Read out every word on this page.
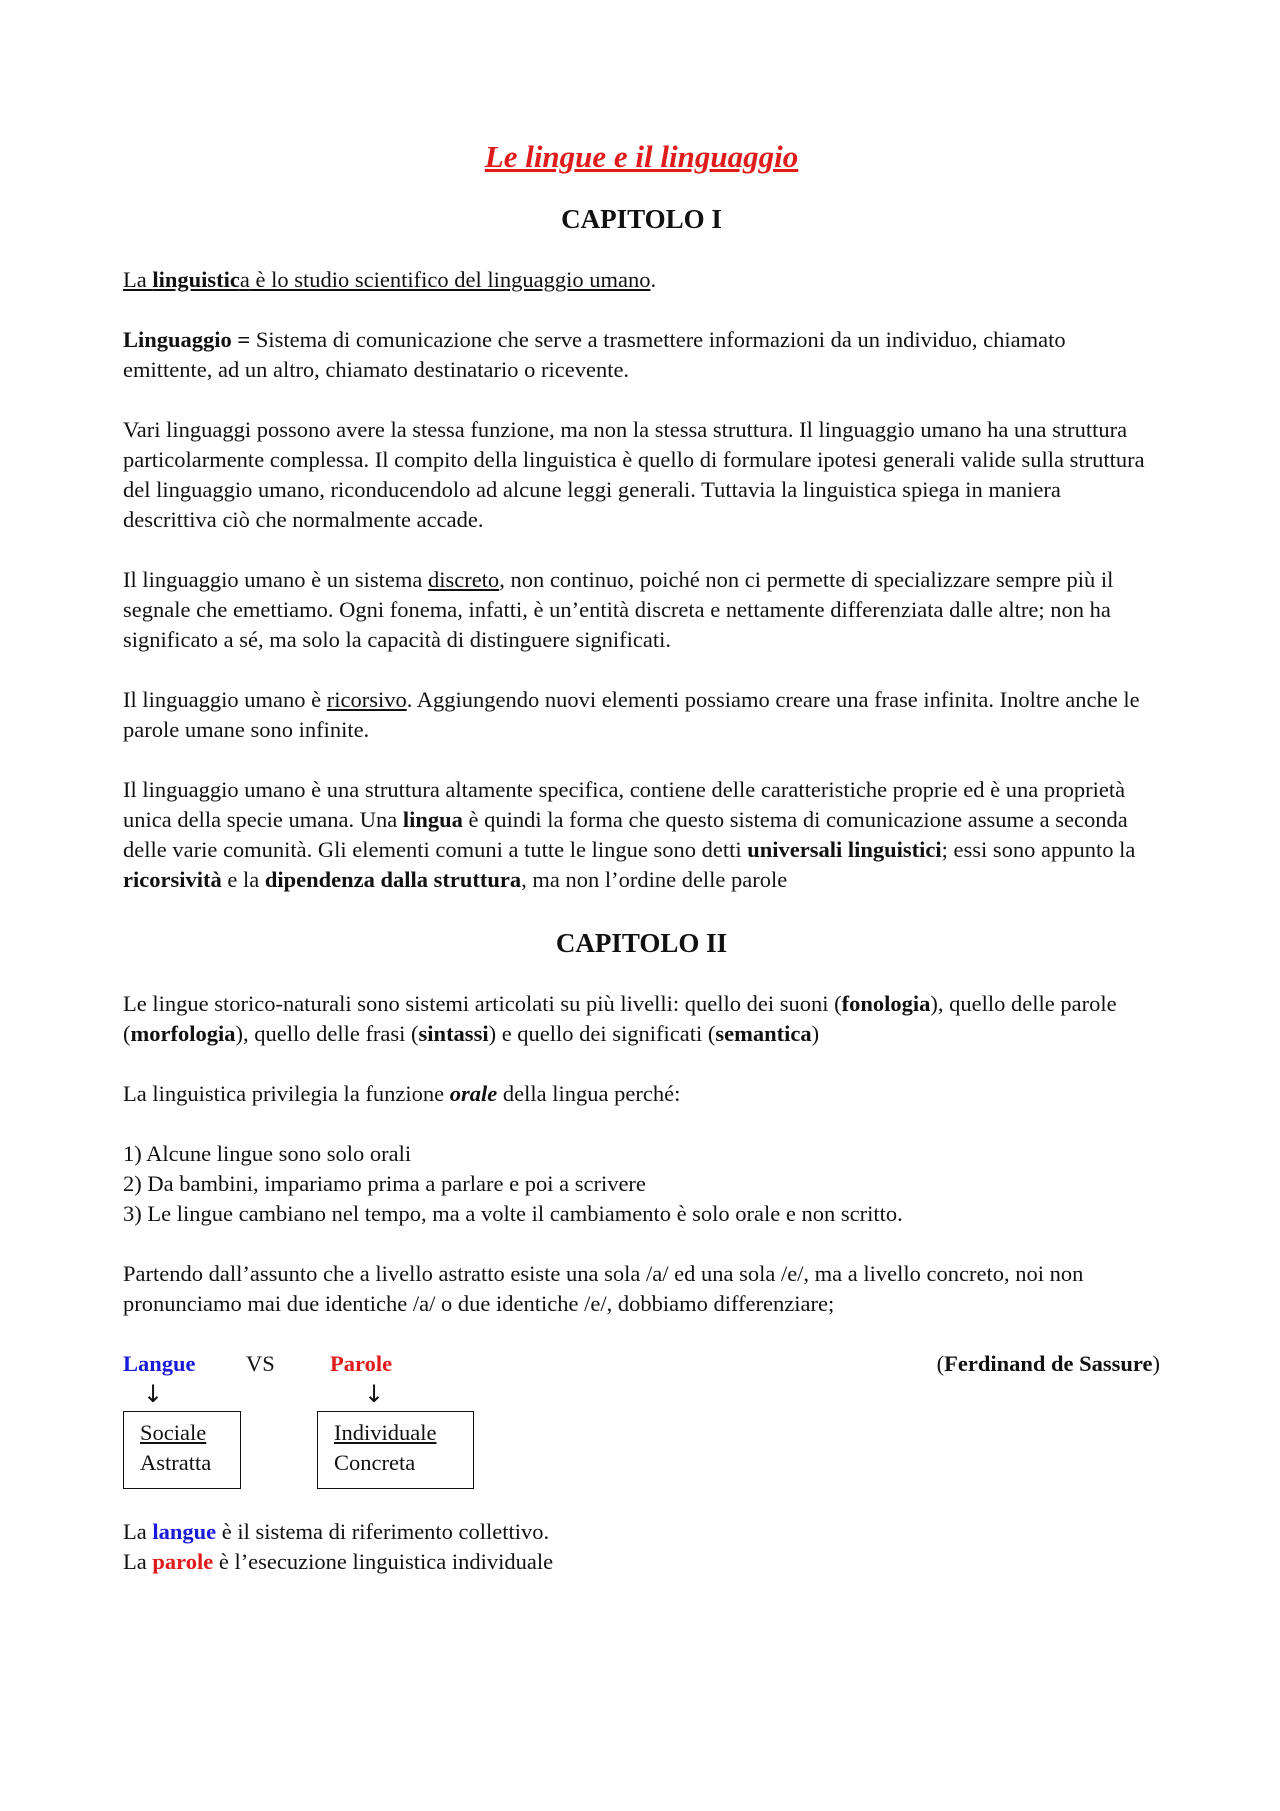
Le lingue e il linguaggio
CAPITOLO I

La linguistica è lo studio scientifico del linguaggio umano.

Linguaggio = Sistema di comunicazione che serve a trasmettere informazioni da un individuo, chiamato emittente, ad un altro, chiamato destinatario o ricevente.

Vari linguaggi possono avere la stessa funzione, ma non la stessa struttura. Il linguaggio umano ha una struttura particolarmente complessa. Il compito della linguistica è quello di formulare ipotesi generali valide sulla struttura del linguaggio umano, riconducendolo ad alcune leggi generali. Tuttavia la linguistica spiega in maniera descrittiva ciò che normalmente accade.

Il linguaggio umano è un sistema discreto, non continuo, poiché non ci permette di specializzare sempre più il segnale che emettiamo. Ogni fonema, infatti, è un’entità discreta e nettamente differenziata dalle altre; non ha significato a sé, ma solo la capacità di distinguere significati.

Il linguaggio umano è ricorsivo. Aggiungendo nuovi elementi possiamo creare una frase infinita. Inoltre anche le parole umane sono infinite.

Il linguaggio umano è una struttura altamente specifica, contiene delle caratteristiche proprie ed è una proprietà unica della specie umana. Una lingua è quindi la forma che questo sistema di comunicazione assume a seconda delle varie comunità. Gli elementi comuni a tutte le lingue sono detti universali linguistici; essi sono appunto la ricorsività e la dipendenza dalla struttura, ma non l’ordine delle parole

CAPITOLO II

Le lingue storico-naturali sono sistemi articolati su più livelli: quello dei suoni (fonologia), quello delle parole (morfologia), quello delle frasi (sintassi) e quello dei significati (semantica)

La linguistica privilegia la funzione orale della lingua perché:

1) Alcune lingue sono solo orali

2) Da bambini, impariamo prima a parlare e poi a scrivere

3) Le lingue cambiano nel tempo, ma a volte il cambiamento è solo orale e non scritto.

Partendo dall’assunto che a livello astratto esiste una sola /a/ ed una sola /e/, ma a livello concreto, noi non pronunciamo mai due identiche /a/ o due identiche /e/, dobbiamo differenziare;

Langue VS Parole	(Ferdinand de Sassure)
↓	↓
Sociale
Astratta
Individuale
Concreta

La langue è il sistema di riferimento collettivo.

La parole è l’esecuzione linguistica individuale
